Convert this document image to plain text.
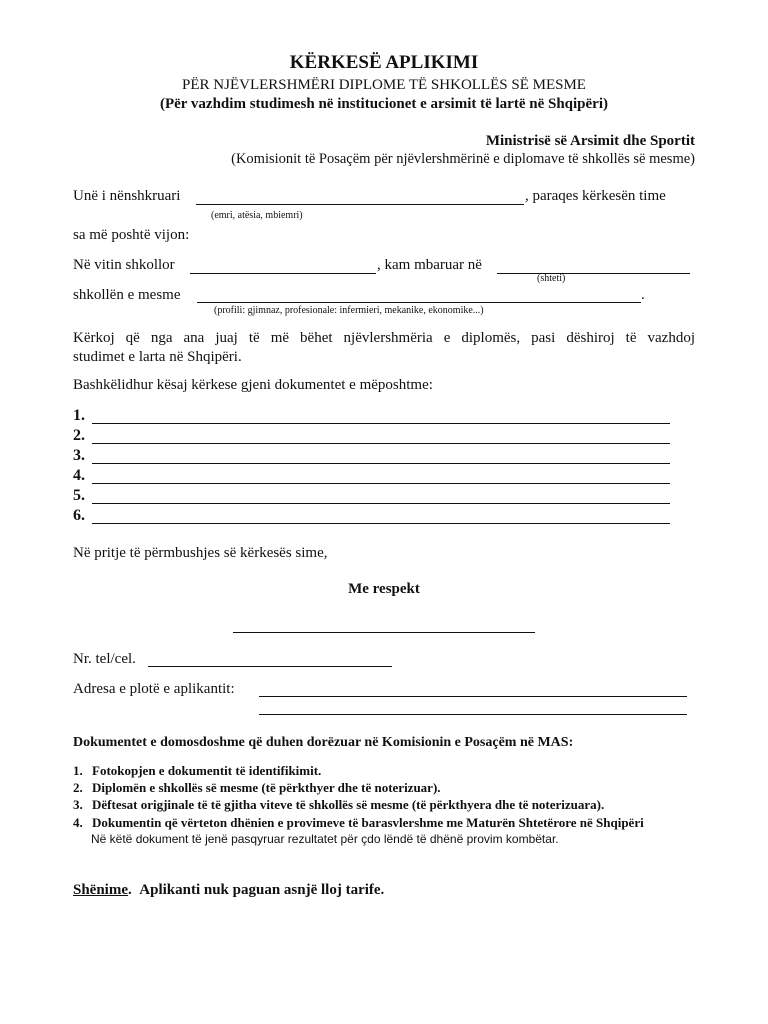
KËRKESË APLIKIMI
PËR NJËVLERSHMËRI DIPLOME TË SHKOLLËS SË MESME
(Për vazhdim studimesh në institucionet e arsimit të lartë në Shqipëri)
Ministrisë së Arsimit dhe Sportit
(Komisionit të Posaçëm për njëvlershmërinë e diplomave të shkollës së mesme)
Unë i nënshkruari	, paraqes kërkesën time
(emri, atësia, mbiemri)
sa më poshtë vijon:
Në vitin shkollor	, kam mbaruar në
(shteti)
shkollën e mesme	.
(profili: gjimnaz, profesionale: infermieri, mekanike, ekonomike...)
Kërkoj që nga ana juaj të më bëhet njëvlershmëria e diplomës, pasi dëshiroj të vazhdoj
studimet e larta në Shqipëri.
Bashkëlidhur kësaj kërkese gjeni dokumentet e mëposhtme:
1.
2.
3.
4.
5.
6.
Në pritje të përmbushjes së kërkesës sime,
Me respekt
Nr. tel/cel.
Adresa e plotë e aplikantit:
Dokumentet e domosdoshme që duhen dorëzuar në Komisionin e Posaçëm në MAS:
1. Fotokopjen e dokumentit të identifikimit.
2. Diplomën e shkollës së mesme (të përkthyer dhe të noterizuar).
3. Dëftesat origjinale të të gjitha viteve të shkollës së mesme (të përkthyera dhe të noterizuara).
4. Dokumentin që vërteton dhënien e provimeve të barasvlershme me Maturën Shtetërore në Shqipëri
Në këtë dokument të jenë pasqyruar rezultatet për çdo lëndë të dhënë provim kombëtar.
Shënime.  Aplikanti nuk paguan asnjë lloj tarife.
